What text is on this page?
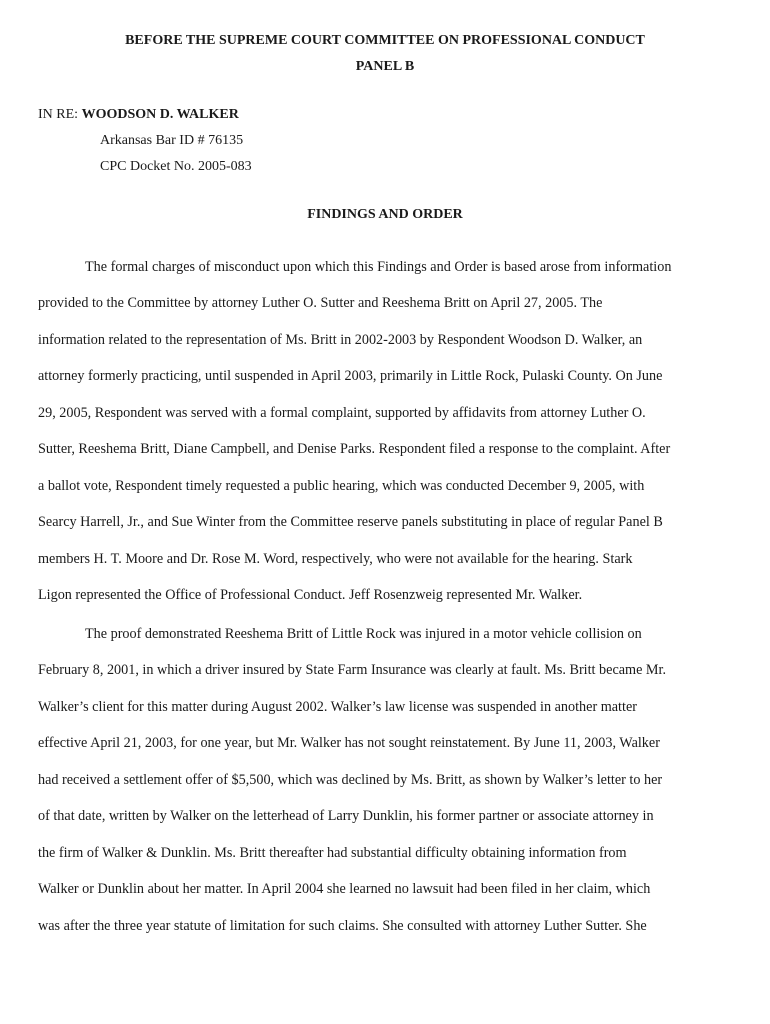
BEFORE THE SUPREME COURT COMMITTEE ON PROFESSIONAL CONDUCT
PANEL B
IN RE: WOODSON D. WALKER
Arkansas Bar ID # 76135
CPC Docket No. 2005-083
FINDINGS AND ORDER
The formal charges of misconduct upon which this Findings and Order is based arose from information
provided to the Committee by attorney Luther O. Sutter and Reeshema Britt on April 27, 2005. The
information related to the representation of Ms. Britt in 2002-2003 by Respondent Woodson D. Walker, an
attorney formerly practicing, until suspended in April 2003, primarily in Little Rock, Pulaski County. On June
29, 2005, Respondent was served with a formal complaint, supported by affidavits from attorney Luther O.
Sutter, Reeshema Britt, Diane Campbell, and Denise Parks. Respondent filed a response to the complaint. After
a ballot vote, Respondent timely requested a public hearing, which was conducted December 9, 2005, with
Searcy Harrell, Jr., and Sue Winter from the Committee reserve panels substituting in place of regular Panel B
members H. T. Moore and Dr. Rose M. Word, respectively, who were not available for the hearing. Stark
Ligon represented the Office of Professional Conduct. Jeff Rosenzweig represented Mr. Walker.
The proof demonstrated Reeshema Britt of Little Rock was injured in a motor vehicle collision on
February 8, 2001, in which a driver insured by State Farm Insurance was clearly at fault. Ms. Britt became Mr.
Walker’s client for this matter during August 2002. Walker’s law license was suspended in another matter
effective April 21, 2003, for one year, but Mr. Walker has not sought reinstatement. By June 11, 2003, Walker
had received a settlement offer of $5,500, which was declined by Ms. Britt, as shown by Walker’s letter to her
of that date, written by Walker on the letterhead of Larry Dunklin, his former partner or associate attorney in
the firm of Walker & Dunklin. Ms. Britt thereafter had substantial difficulty obtaining information from
Walker or Dunklin about her matter. In April 2004 she learned no lawsuit had been filed in her claim, which
was after the three year statute of limitation for such claims. She consulted with attorney Luther Sutter. She
